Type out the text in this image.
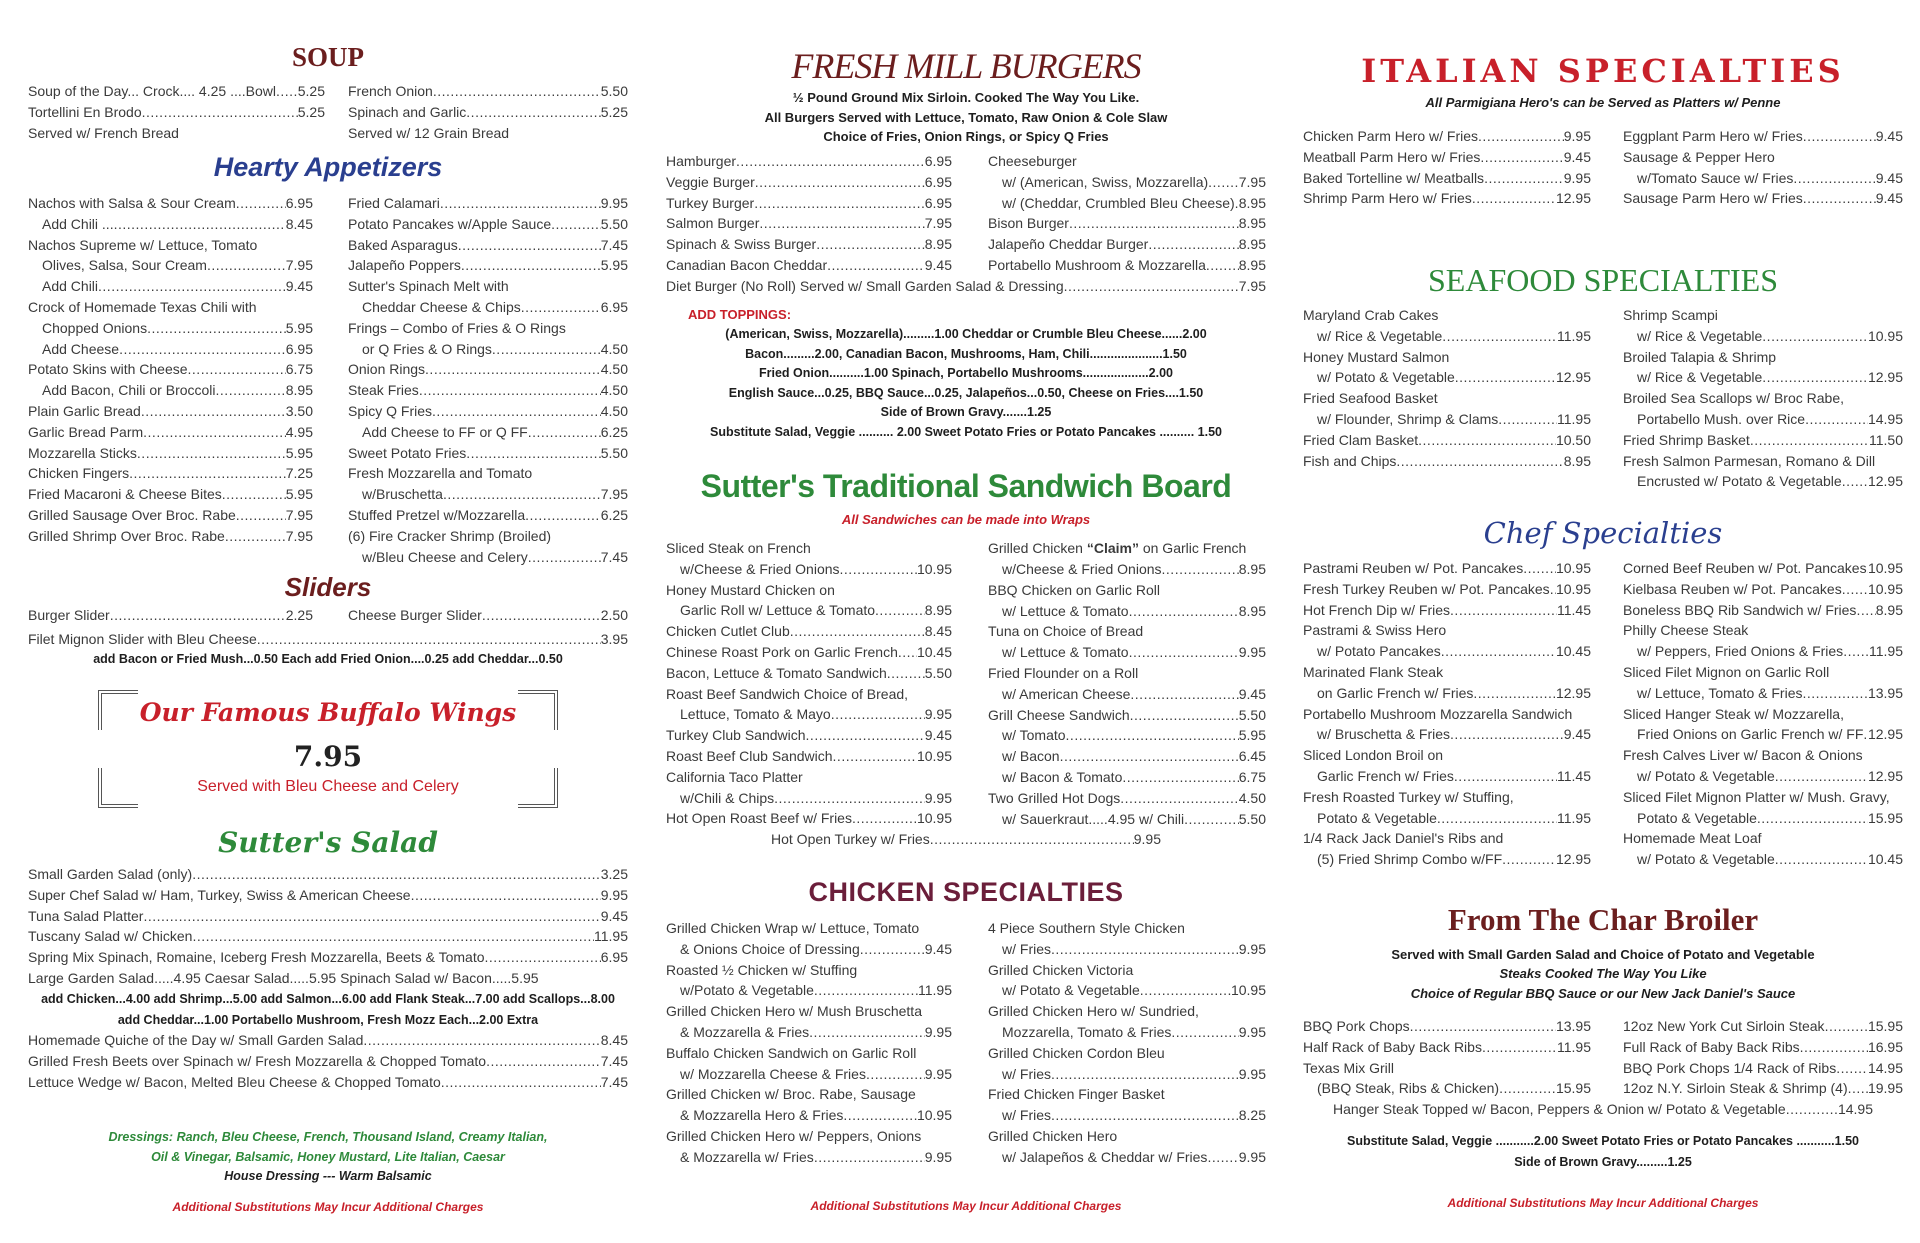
SOUP
Soup of the Day... Crock.... 4.25 ....Bowl ..... 5.25
Tortellini En Brodo .....	5.25
Served w/ French Bread
French Onion .....	5.50
Spinach and Garlic .....	5.25
Served w/ 12 Grain Bread
Hearty Appetizers
Nachos with Salsa & Sour Cream .....	6.95
Add Chili ... .....	8.45
Nachos Supreme w/ Lettuce, Tomato
Olives, Salsa, Sour Cream .....	7.95
Add Chili .....	9.45
Crock of Homemade Texas Chili with
Chopped Onions .....	5.95
Add Cheese .....	6.95
Potato Skins with Cheese .....	6.75
Add Bacon, Chili or Broccoli .....	8.95
Plain Garlic Bread .....	3.50
Garlic Bread Parm .....	4.95
Mozzarella Sticks .....	5.95
Chicken Fingers .....	7.25
Fried Macaroni & Cheese Bites .....	5.95
Grilled Sausage Over Broc. Rabe .....	7.95
Grilled Shrimp Over Broc. Rabe .....	7.95
Fried Calamari .....	9.95
Potato Pancakes w/Apple Sauce .....	5.50
Baked Asparagus .....	7.45
Jalapeño Poppers .....	5.95
Sutter's Spinach Melt with
Cheddar Cheese & Chips .....	6.95
Frings – Combo of Fries & O Rings
or Q Fries & O Rings .....	4.50
Onion Rings .....	4.50
Steak Fries .....	4.50
Spicy Q Fries .....	4.50
Add Cheese to FF or Q FF .....	6.25
Sweet Potato Fries .....	5.50
Fresh Mozzarella and Tomato
w/Bruschetta .....	7.95
Stuffed Pretzel w/Mozzarella .....	6.25
(6) Fire Cracker Shrimp (Broiled)
w/Bleu Cheese and Celery .....	7.45
Sliders
Burger Slider .....	2.25	Cheese Burger Slider .....	2.50
Filet Mignon Slider with Bleu Cheese .....	3.95
add Bacon or Fried Mush...0.50 Each add Fried Onion....0.25 add Cheddar...0.50
Our Famous Buffalo Wings
7.95
Served with Bleu Cheese and Celery
Sutter's Salad
Small Garden Salad (only) .....	3.25
Super Chef Salad w/ Ham, Turkey, Swiss & American Cheese .....	9.95
Tuna Salad Platter .....	9.45
Tuscany Salad w/ Chicken .....	11.95
Spring Mix Spinach, Romaine, Iceberg Fresh Mozzarella, Beets & Tomato .....	6.95
Large Garden Salad.....4.95 Caesar Salad.....5.95 Spinach Salad w/ Bacon.....5.95
add Chicken...4.00 add Shrimp...5.00 add Salmon...6.00 add Flank Steak...7.00 add Scallops...8.00
add Cheddar...1.00 Portabello Mushroom, Fresh Mozz Each...2.00 Extra
Homemade Quiche of the Day w/ Small Garden Salad .....	8.45
Grilled Fresh Beets over Spinach w/ Fresh Mozzarella & Chopped Tomato .....	7.45
Lettuce Wedge w/ Bacon, Melted Bleu Cheese & Chopped Tomato .....	7.45
Dressings: Ranch, Bleu Cheese, French, Thousand Island, Creamy Italian,
Oil & Vinegar, Balsamic, Honey Mustard, Lite Italian, Caesar
House Dressing --- Warm Balsamic
Additional Substitutions May Incur Additional Charges
FRESH MILL BURGERS
½ Pound Ground Mix Sirloin. Cooked The Way You Like.
All Burgers Served with Lettuce, Tomato, Raw Onion & Cole Slaw
Choice of Fries, Onion Rings, or Spicy Q Fries
Hamburger .....	6.95
Veggie Burger .....	6.95
Turkey Burger .....	6.95
Salmon Burger .....	7.95
Spinach & Swiss Burger .....	8.95
Canadian Bacon Cheddar .....	9.45
Cheeseburger
w/ (American, Swiss, Mozzarella) ..... 7.95
w/ (Cheddar, Crumbled Bleu Cheese) ..... 8.95
Bison Burger .....	8.95
Jalapeño Cheddar Burger .....	8.95
Portabello Mushroom & Mozzarella ..... 8.95
Diet Burger (No Roll) Served w/ Small Garden Salad & Dressing .....	7.95
ADD TOPPINGS:
(American, Swiss, Mozzarella).........1.00 Cheddar or Crumble Bleu Cheese......2.00
Bacon.........2.00, Canadian Bacon, Mushrooms, Ham, Chili.....................1.50
Fried Onion..........1.00 Spinach, Portabello Mushrooms...................2.00
English Sauce...0.25, BBQ Sauce...0.25, Jalapeños...0.50, Cheese on Fries....1.50
Side of Brown Gravy.......1.25
Substitute Salad, Veggie .......... 2.00 Sweet Potato Fries or Potato Pancakes .......... 1.50
Sutter's Traditional Sandwich Board
All Sandwiches can be made into Wraps
Sliced Steak on French
w/Cheese & Fried Onions .....	10.95
Honey Mustard Chicken on
Garlic Roll w/ Lettuce & Tomato .....	8.95
Chicken Cutlet Club .....	8.45
Chinese Roast Pork on Garlic French ..... 10.45
Bacon, Lettuce & Tomato Sandwich .....	5.50
Roast Beef Sandwich Choice of Bread,
Lettuce, Tomato & Mayo .....	9.95
Turkey Club Sandwich .....	9.45
Roast Beef Club Sandwich .....	10.95
California Taco Platter
w/Chili & Chips .....	9.95
Hot Open Roast Beef w/ Fries .....	10.95
Grilled Chicken “Claim” on Garlic French
w/Cheese & Fried Onions .....	8.95
BBQ Chicken on Garlic Roll
w/ Lettuce & Tomato .....	8.95
Tuna on Choice of Bread
w/ Lettuce & Tomato .....	9.95
Fried Flounder on a Roll
w/ American Cheese .....	9.45
Grill Cheese Sandwich .....	5.50
w/ Tomato .....	5.95
w/ Bacon .....	6.45
w/ Bacon & Tomato .....	6.75
Two Grilled Hot Dogs .....	4.50
w/ Sauerkraut.....4.95 w/ Chili .....	5.50
Hot Open Turkey w/ Fries .....	9.95
CHICKEN SPECIALTIES
Grilled Chicken Wrap w/ Lettuce, Tomato
& Onions Choice of Dressing .....	9.45
Roasted ½ Chicken w/ Stuffing
w/Potato & Vegetable .....	11.95
Grilled Chicken Hero w/ Mush Bruschetta
& Mozzarella & Fries .....	9.95
Buffalo Chicken Sandwich on Garlic Roll
w/ Mozzarella Cheese & Fries .....	9.95
Grilled Chicken w/ Broc. Rabe, Sausage
& Mozzarella Hero & Fries .....	10.95
Grilled Chicken Hero w/ Peppers, Onions
& Mozzarella w/ Fries .....	9.95
4 Piece Southern Style Chicken
w/ Fries .....	9.95
Grilled Chicken Victoria
w/ Potato & Vegetable .....	10.95
Grilled Chicken Hero w/ Sundried,
Mozzarella, Tomato & Fries .....	9.95
Grilled Chicken Cordon Bleu
w/ Fries .....	9.95
Fried Chicken Finger Basket
w/ Fries .....	8.25
Grilled Chicken Hero
w/ Jalapeños & Cheddar w/ Fries ..... 9.95
Additional Substitutions May Incur Additional Charges
ITALIAN SPECIALTIES
All Parmigiana Hero's can be Served as Platters w/ Penne
Chicken Parm Hero w/ Fries .....	9.95
Meatball Parm Hero w/ Fries .....	9.45
Baked Tortelline w/ Meatballs .....	9.95
Shrimp Parm Hero w/ Fries .....	12.95
Eggplant Parm Hero w/ Fries .....	9.45
Sausage & Pepper Hero
w/Tomato Sauce w/ Fries .....	9.45
Sausage Parm Hero w/ Fries .....	9.45
SEAFOOD SPECIALTIES
Maryland Crab Cakes
w/ Rice & Vegetable .....	11.95
Honey Mustard Salmon
w/ Potato & Vegetable .....	12.95
Fried Seafood Basket
w/ Flounder, Shrimp & Clams .....	11.95
Fried Clam Basket .....	10.50
Fish and Chips .....	8.95
Shrimp Scampi
w/ Rice & Vegetable .....	10.95
Broiled Talapia & Shrimp
w/ Rice & Vegetable .....	12.95
Broiled Sea Scallops w/ Broc Rabe,
Portabello Mush. over Rice .....	14.95
Fried Shrimp Basket .....	11.50
Fresh Salmon Parmesan, Romano & Dill
Encrusted w/ Potato & Vegetable ..... 12.95
Chef Specialties
Pastrami Reuben w/ Pot. Pancakes ..... 10.95
Fresh Turkey Reuben w/ Pot. Pancakes ..... 10.95
Hot French Dip w/ Fries .....	11.45
Pastrami & Swiss Hero
w/ Potato Pancakes .....	10.45
Marinated Flank Steak
on Garlic French w/ Fries .....	12.95
Portabello Mushroom Mozzarella Sandwich
w/ Bruschetta & Fries .....	9.45
Sliced London Broil on
Garlic French w/ Fries .....	11.45
Fresh Roasted Turkey w/ Stuffing,
Potato & Vegetable .....	11.95
1/4 Rack Jack Daniel's Ribs and
(5) Fried Shrimp Combo w/FF .....	12.95
Corned Beef Reuben w/ Pot. Pancakes ..... 10.95
Kielbasa Reuben w/ Pot. Pancakes ..... 10.95
Boneless BBQ Rib Sandwich w/ Fries ..... 8.95
Philly Cheese Steak
w/ Peppers, Fried Onions & Fries ..... 11.95
Sliced Filet Mignon on Garlic Roll
w/ Lettuce, Tomato & Fries .....	13.95
Sliced Hanger Steak w/ Mozzarella,
Fried Onions on Garlic French w/ FF ..... 12.95
Fresh Calves Liver w/ Bacon & Onions
w/ Potato & Vegetable .....	12.95
Sliced Filet Mignon Platter w/ Mush. Gravy,
Potato & Vegetable .....	15.95
Homemade Meat Loaf
w/ Potato & Vegetable .....	10.45
From The Char Broiler
Served with Small Garden Salad and Choice of Potato and Vegetable
Steaks Cooked The Way You Like
Choice of Regular BBQ Sauce or our New Jack Daniel's Sauce
BBQ Pork Chops .....	13.95
Half Rack of Baby Back Ribs .....	11.95
Texas Mix Grill
(BBQ Steak, Ribs & Chicken) .....	15.95
12oz New York Cut Sirloin Steak .....	15.95
Full Rack of Baby Back Ribs .....	16.95
BBQ Pork Chops 1/4 Rack of Ribs ..... 14.95
12oz N.Y. Sirloin Steak & Shrimp (4) ..... 19.95
Hanger Steak Topped w/ Bacon, Peppers & Onion w/ Potato & Vegetable .....	14.95
Substitute Salad, Veggie ...........2.00 Sweet Potato Fries or Potato Pancakes ...........1.50
Side of Brown Gravy.........1.25
Additional Substitutions May Incur Additional Charges
